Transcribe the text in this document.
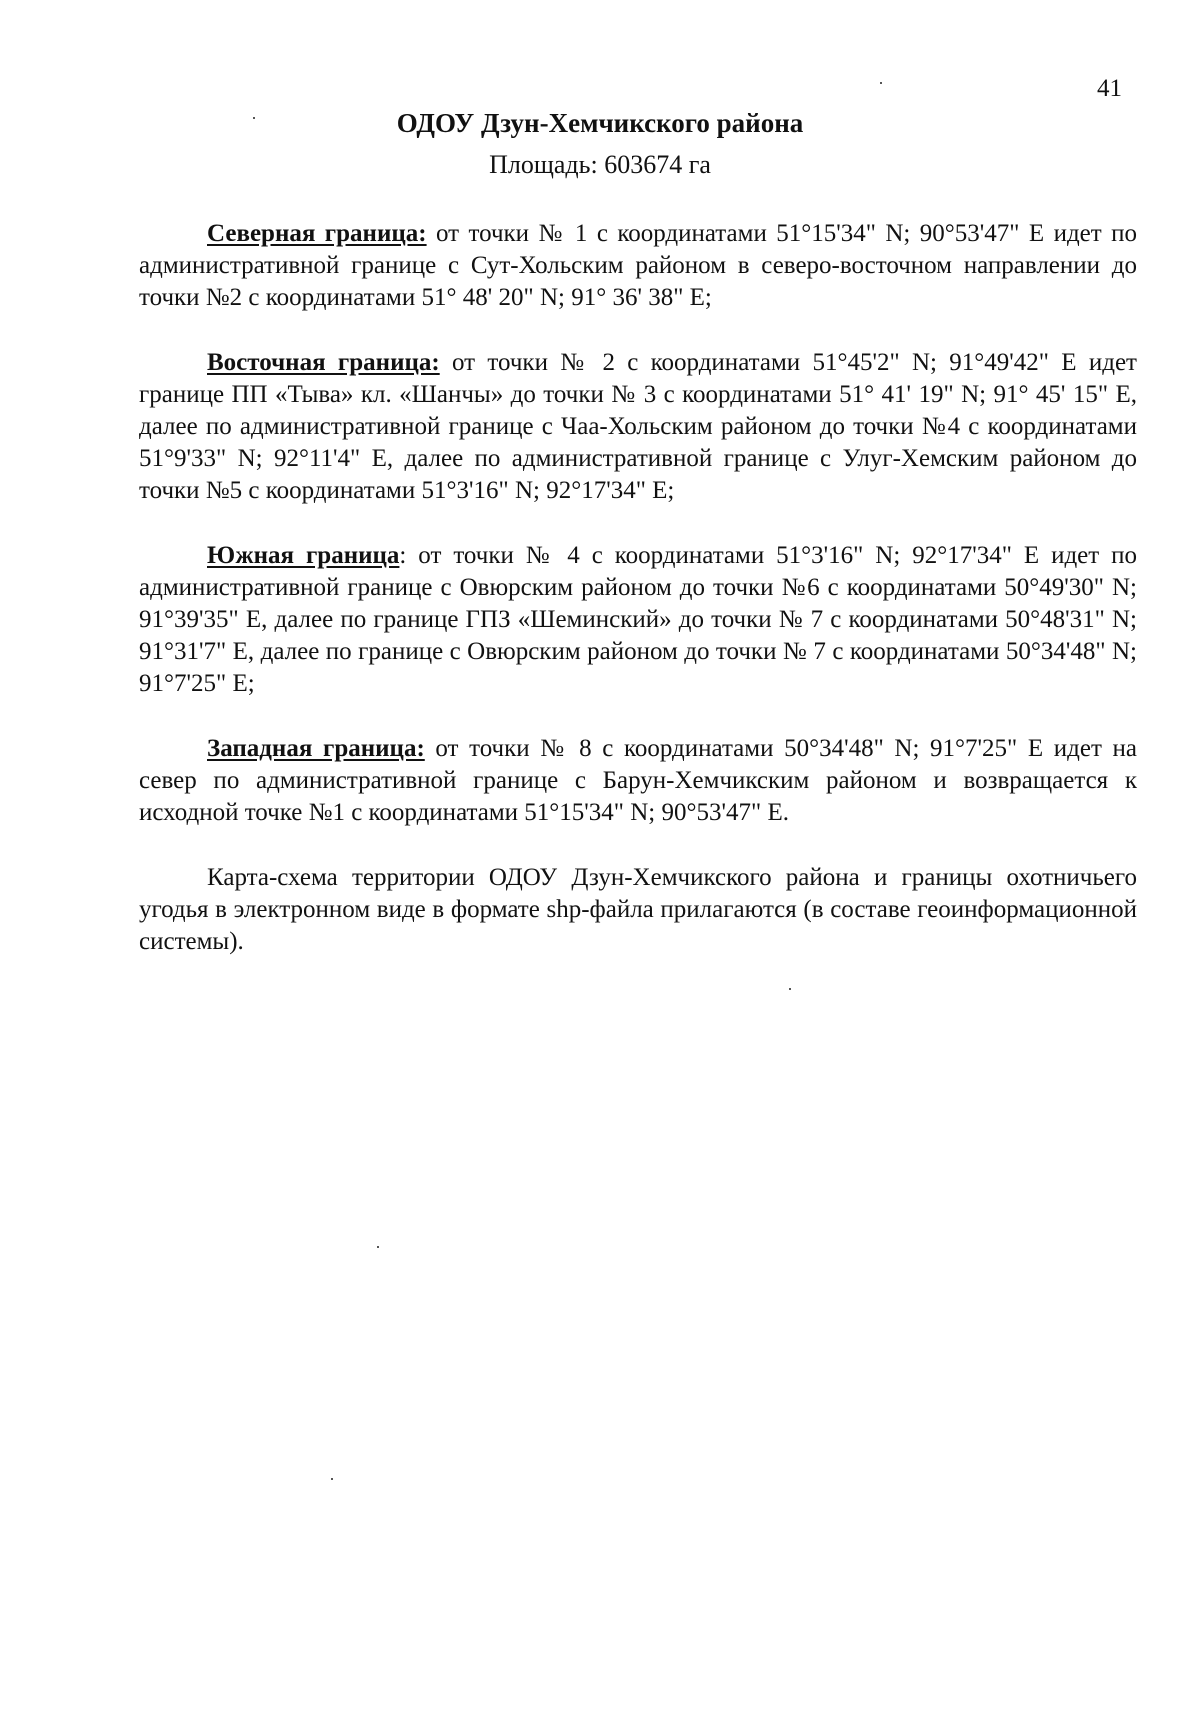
41
ОДОУ Дзун-Хемчикского района
Площадь: 603674 га

Северная граница: от точки № 1 с координатами 51°15'34" N; 90°53'47" E идет по административной границе с Сут-Хольским районом в северо-восточном направлении до точки №2 с координатами 51° 48' 20" N; 91° 36' 38" E;

Восточная граница: от точки № 2 с координатами 51°45'2" N; 91°49'42" E идет границе ПП «Тыва» кл. «Шанчы» до точки № 3 с координатами 51° 41' 19" N; 91° 45' 15" E, далее по административной границе с Чаа-Хольским районом до точки №4 с координатами 51°9'33" N; 92°11'4" E, далее по административной границе с Улуг-Хемским районом до точки №5 с координатами 51°3'16" N; 92°17'34" E;

Южная граница: от точки № 4 с координатами 51°3'16" N; 92°17'34" E идет по административной границе с Овюрским районом до точки №6 с координатами 50°49'30" N; 91°39'35" E, далее по границе ГПЗ «Шеминский» до точки № 7 с координатами 50°48'31" N; 91°31'7" E, далее по границе с Овюрским районом до точки № 7 с координатами 50°34'48" N; 91°7'25" E;

Западная граница: от точки № 8 с координатами 50°34'48" N; 91°7'25" E идет на север по административной границе с Барун-Хемчикским районом и возвращается к исходной точке №1 с координатами 51°15'34" N; 90°53'47" E.

Карта-схема территории ОДОУ Дзун-Хемчикского района и границы охотничьего угодья в электронном виде в формате shp-файла прилагаются (в составе геоинформационной системы).
